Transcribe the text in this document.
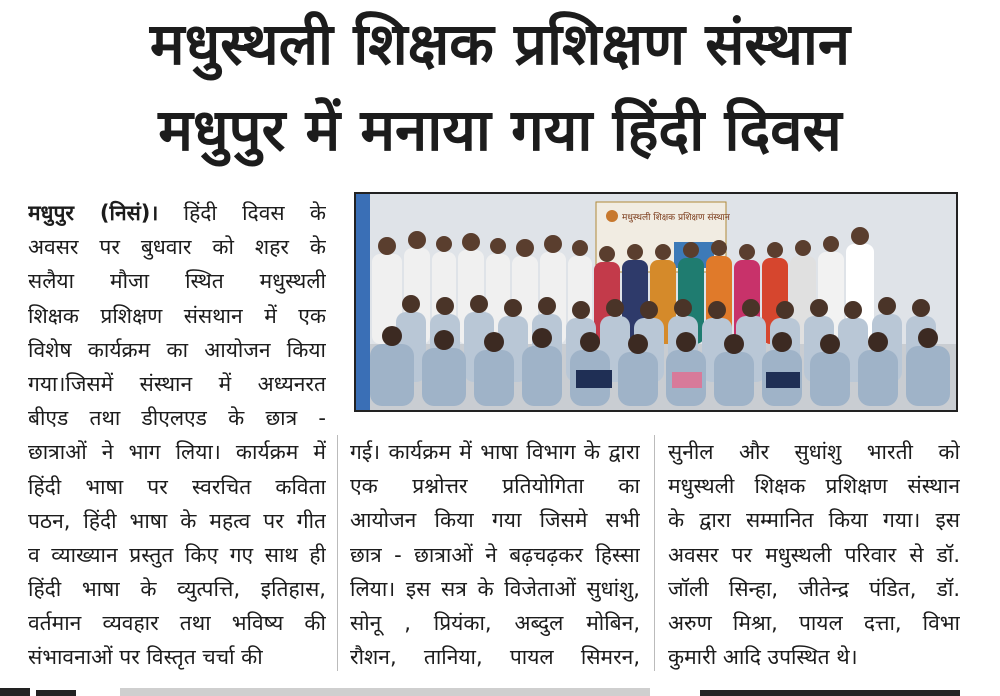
मधुस्थली शिक्षक प्रशिक्षण संस्थान
मधुपुर में मनाया गया हिंदी दिवस
मधुपुर (निसं)। हिंदी दिवस के
अवसर पर बुधवार को शहर के
सलैया मौजा स्थित मधुस्थली
शिक्षक प्रशिक्षण संसथान में एक
विशेष कार्यक्रम का आयोजन किया
गया।जिसमें संस्थान में अध्यनरत
बीएड तथा डीएलएड के छात्र -
छात्राओं ने भाग लिया। कार्यक्रम में
हिंदी भाषा पर स्वरचित कविता
पठन, हिंदी भाषा के महत्व पर गीत
व व्याख्यान प्रस्तुत किए गए साथ ही
हिंदी भाषा के व्युत्पत्ति, इतिहास,
वर्तमान व्यवहार तथा भविष्य की
संभावनाओं पर विस्तृत चर्चा की
मधुस्थली शिक्षक प्रशिक्षण संस्थान
गई। कार्यक्रम में भाषा विभाग के द्वारा
एक प्रश्नोत्तर प्रतियोगिता का
आयोजन किया गया जिसमे सभी
छात्र - छात्राओं ने बढ़चढ़कर हिस्सा
लिया। इस सत्र के विजेताओं सुधांशु,
सोनू , प्रियंका, अब्दुल मोबिन,
रौशन, तानिया, पायल सिमरन,
सुनील और सुधांशु भारती को
मधुस्थली शिक्षक प्रशिक्षण संस्थान
के द्वारा सम्मानित किया गया। इस
अवसर पर मधुस्थली परिवार से डॉ.
जॉली सिन्हा, जीतेन्द्र पंडित, डॉ.
अरुण मिश्रा, पायल दत्ता, विभा
कुमारी आदि उपस्थित थे।
